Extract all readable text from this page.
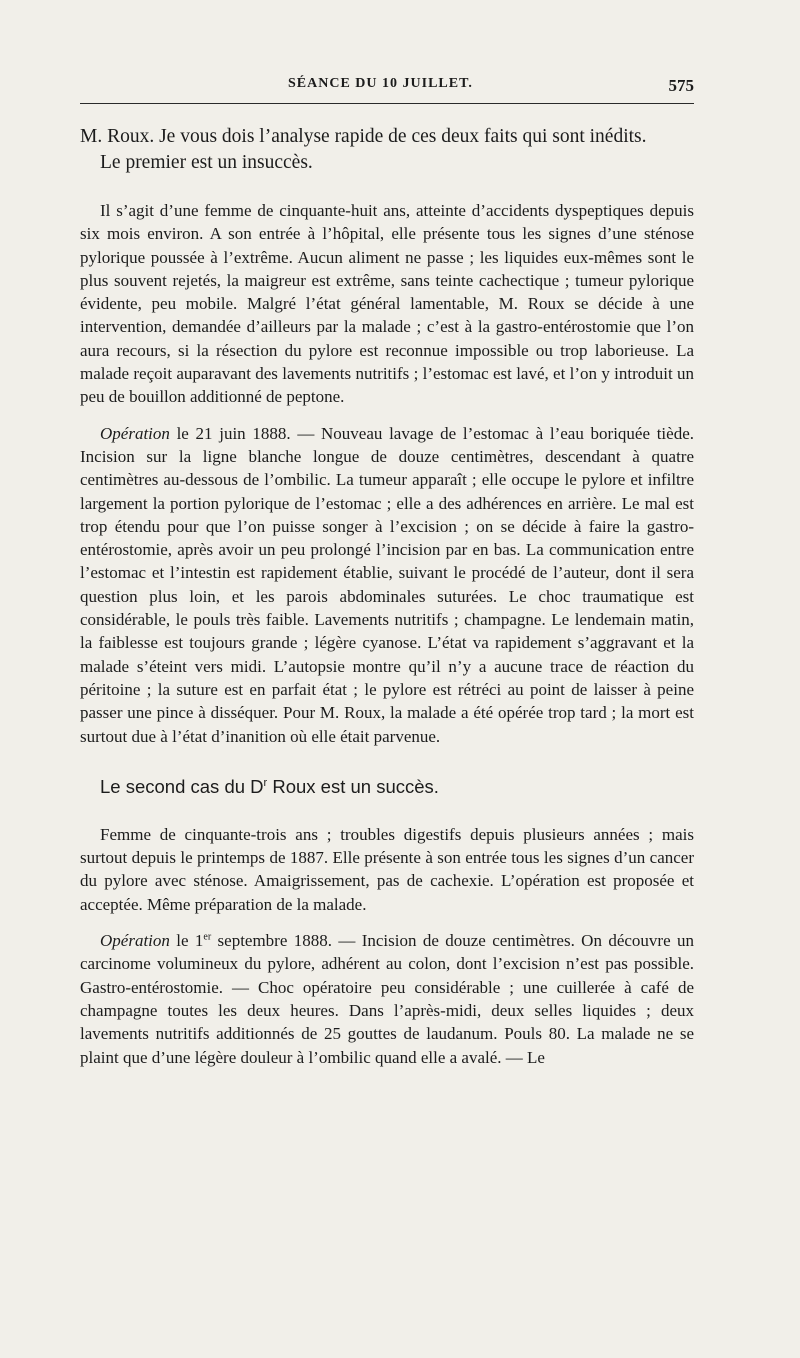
SÉANCE DU 10 JUILLET.	575

M. Roux. Je vous dois l’analyse rapide de ces deux faits qui sont inédits.

Le premier est un insuccès.

Il s’agit d’une femme de cinquante-huit ans, atteinte d’accidents dyspeptiques depuis six mois environ. A son entrée à l’hôpital, elle présente tous les signes d’une sténose pylorique poussée à l’extrême. Aucun aliment ne passe ; les liquides eux-mêmes sont le plus souvent rejetés, la maigreur est extrême, sans teinte cachectique ; tumeur pylorique évidente, peu mobile. Malgré l’état général lamentable, M. Roux se décide à une intervention, demandée d’ailleurs par la malade ; c’est à la gastro-entérostomie que l’on aura recours, si la résection du pylore est reconnue impossible ou trop laborieuse. La malade reçoit auparavant des lavements nutritifs ; l’estomac est lavé, et l’on y introduit un peu de bouillon additionné de peptone.

Opération le 21 juin 1888. — Nouveau lavage de l’estomac à l’eau boriquée tiède. Incision sur la ligne blanche longue de douze centimètres, descendant à quatre centimètres au-dessous de l’ombilic. La tumeur apparaît ; elle occupe le pylore et infiltre largement la portion pylorique de l’estomac ; elle a des adhérences en arrière. Le mal est trop étendu pour que l’on puisse songer à l’excision ; on se décide à faire la gastro-entérostomie, après avoir un peu prolongé l’incision par en bas. La communication entre l’estomac et l’intestin est rapidement établie, suivant le procédé de l’auteur, dont il sera question plus loin, et les parois abdominales suturées. Le choc traumatique est considérable, le pouls très faible. Lavements nutritifs ; champagne. Le lendemain matin, la faiblesse est toujours grande ; légère cyanose. L’état va rapidement s’aggravant et la malade s’éteint vers midi. L’autopsie montre qu’il n’y a aucune trace de réaction du péritoine ; la suture est en parfait état ; le pylore est rétréci au point de laisser à peine passer une pince à disséquer. Pour M. Roux, la malade a été opérée trop tard ; la mort est surtout due à l’état d’inanition où elle était parvenue.

Le second cas du $D^r$ Roux est un succès.

Femme de cinquante-trois ans ; troubles digestifs depuis plusieurs années ; mais surtout depuis le printemps de 1887. Elle présente à son entrée tous les signes d’un cancer du pylore avec sténose. Amaigrissement, pas de cachexie. L’opération est proposée et acceptée. Même préparation de la malade.

Opération le 1er septembre 1888. — Incision de douze centimètres. On découvre un carcinome volumineux du pylore, adhérent au colon, dont l’excision n’est pas possible. Gastro-entérostomie. — Choc opératoire peu considérable ; une cuillerée à café de champagne toutes les deux heures. Dans l’après-midi, deux selles liquides ; deux lavements nutritifs additionnés de 25 gouttes de laudanum. Pouls 80. La malade ne se plaint que d’une légère douleur à l’ombilic quand elle a avalé. — Le
